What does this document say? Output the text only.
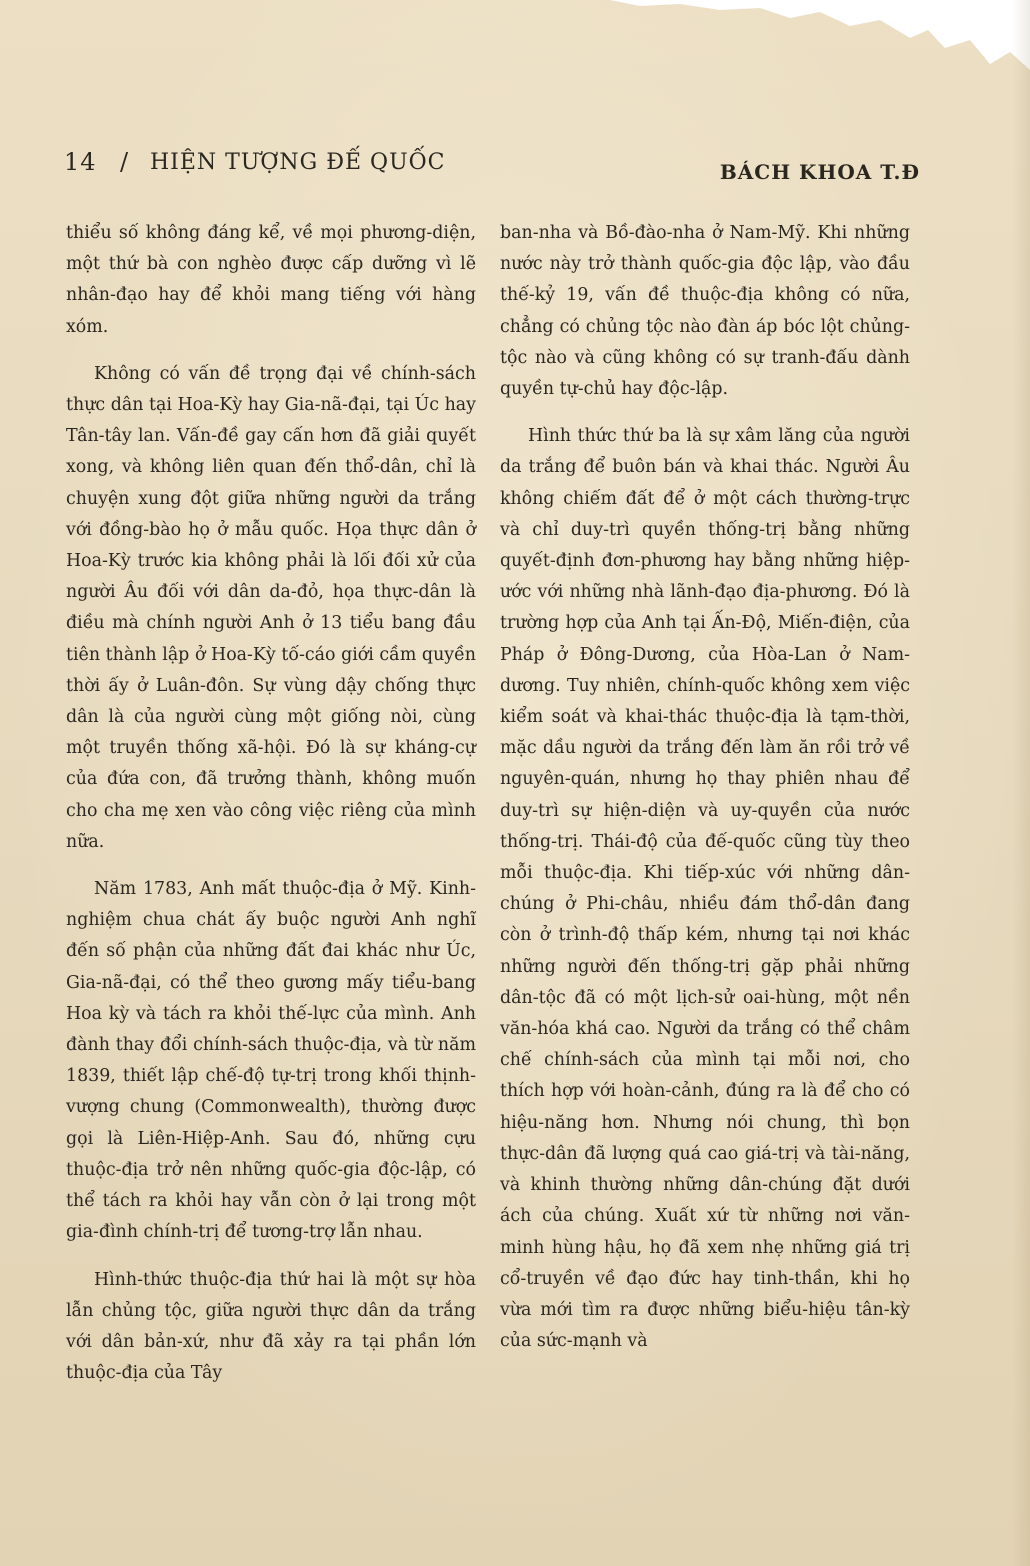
14 / HIỆN TƯỢNG ĐẾ QUỐC	BÁCH KHOA T.Đ

thiểu số không đáng kể, về mọi phương-diện, một thứ bà con nghèo được cấp dưỡng vì lẽ nhân-đạo hay để khỏi mang tiếng với hàng xóm.

Không có vấn đề trọng đại về chính-sách thực dân tại Hoa-Kỳ hay Gia-nã-đại, tại Úc hay Tân-tây lan. Vấn-đề gay cấn hơn đã giải quyết xong, và không liên quan đến thổ-dân, chỉ là chuyện xung đột giữa những người da trắng với đồng-bào họ ở mẫu quốc. Họa thực dân ở Hoa-Kỳ trước kia không phải là lối đối xử của người Âu đối với dân da-đỏ, họa thực-dân là điều mà chính người Anh ở 13 tiểu bang đầu tiên thành lập ở Hoa-Kỳ tố-cáo giới cầm quyền thời ấy ở Luân-đôn. Sự vùng dậy chống thực dân là của người cùng một giống nòi, cùng một truyền thống xã-hội. Đó là sự kháng-cự của đứa con, đã trưởng thành, không muốn cho cha mẹ xen vào công việc riêng của mình nữa.

Năm 1783, Anh mất thuộc-địa ở Mỹ. Kinh-nghiệm chua chát ấy buộc người Anh nghĩ đến số phận của những đất đai khác như Úc, Gia-nã-đại, có thể theo gương mấy tiểu-bang Hoa kỳ và tách ra khỏi thế-lực của mình. Anh đành thay đổi chính-sách thuộc-địa, và từ năm 1839, thiết lập chế-độ tự-trị trong khối thịnh-vượng chung (Commonwealth), thường được gọi là Liên-Hiệp-Anh. Sau đó, những cựu thuộc-địa trở nên những quốc-gia độc-lập, có thể tách ra khỏi hay vẫn còn ở lại trong một gia-đình chính-trị để tương-trợ lẫn nhau.

Hình-thức thuộc-địa thứ hai là một sự hòa lẫn chủng tộc, giữa người thực dân da trắng với dân bản-xứ, như đã xảy ra tại phần lớn thuộc-địa của Tây

ban-nha và Bồ-đào-nha ở Nam-Mỹ. Khi những nước này trở thành quốc-gia độc lập, vào đầu thế-kỷ 19, vấn đề thuộc-địa không có nữa, chẳng có chủng tộc nào đàn áp bóc lột chủng-tộc nào và cũng không có sự tranh-đấu dành quyền tự-chủ hay độc-lập.

Hình thức thứ ba là sự xâm lăng của người da trắng để buôn bán và khai thác. Người Âu không chiếm đất để ở một cách thường-trực và chỉ duy-trì quyền thống-trị bằng những quyết-định đơn-phương hay bằng những hiệp-ước với những nhà lãnh-đạo địa-phương. Đó là trường hợp của Anh tại Ấn-Độ, Miến-điện, của Pháp ở Đông-Dương, của Hòa-Lan ở Nam-dương. Tuy nhiên, chính-quốc không xem việc kiểm soát và khai-thác thuộc-địa là tạm-thời, mặc dầu người da trắng đến làm ăn rồi trở về nguyên-quán, nhưng họ thay phiên nhau để duy-trì sự hiện-diện và uy-quyền của nước thống-trị. Thái-độ của đế-quốc cũng tùy theo mỗi thuộc-địa. Khi tiếp-xúc với những dân-chúng ở Phi-châu, nhiều đám thổ-dân đang còn ở trình-độ thấp kém, nhưng tại nơi khác những người đến thống-trị gặp phải những dân-tộc đã có một lịch-sử oai-hùng, một nền văn-hóa khá cao. Người da trắng có thể châm chế chính-sách của mình tại mỗi nơi, cho thích hợp với hoàn-cảnh, đúng ra là để cho có hiệu-năng hơn. Nhưng nói chung, thì bọn thực-dân đã lượng quá cao giá-trị và tài-năng, và khinh thường những dân-chúng đặt dưới ách của chúng. Xuất xứ từ những nơi văn-minh hùng hậu, họ đã xem nhẹ những giá trị cổ-truyền về đạo đức hay tinh-thần, khi họ vừa mới tìm ra được những biểu-hiệu tân-kỳ của sức-mạnh và
